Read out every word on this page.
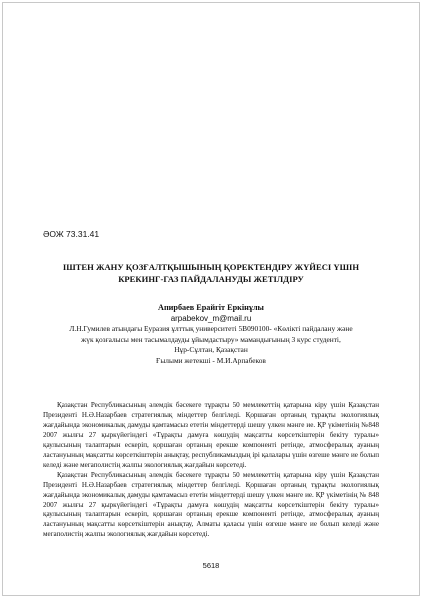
ӘОЖ 73.31.41
ІШТЕН ЖАНУ ҚОЗҒАЛТҚЫШЫНЫҢ ҚОРЕКТЕНДІРУ ЖҮЙЕСІ ҮШІН
КРЕКИНГ-ГАЗ ПАЙДАЛАНУДЫ ЖЕТІЛДІРУ
Апирбаев Ерайгіт Еркінұлы
arpabekov_m@mail.ru
Л.Н.Гумилев атындағы Еуразия ұлттық университеті 5В090100- «Көлікті пайдалану және
жүк қозғалысы мен тасымалдауды ұйымдастыру» мамандығының 3 курс студенті,
Нұр-Сұлтан, Қазақстан
Ғылыми жетекші - М.И.Арпабеков

Қазақстан Республикасының әлемдік бәсекеге тұрақты 50 мемлекеттің қатарына кіру үшін Қазақстан Президенті Н.Ә.Назарбаев стратегиялық міндеттер белгіледі. Қоршаған ортаның тұрақты экологиялық жағдайында экономикалық дамуды қамтамасыз ететін міндеттерді шешу үлкен мәнге ие. ҚР үкіметінің №848 2007 жылғы 27 қыркүйегіндегі «Тұрақты дамуға көшудің мақсатты көрсеткіштерін бекіту туралы» қаулысының талаптарын ескеріп, қоршаған ортаның ерекше компоненті ретінде, атмосфералық ауаның ластануының мақсатты көрсеткіштерін анықтау, республикамыздың ірі қалалары үшін өзгеше мәнге ие болып келеді және мегаполистің жалпы экологиялық жағдайын көрсетеді.

Қазақстан Республикасының әлемдік бәсекеге тұрақты 50 мемлекеттің қатарына кіру үшін Қазақстан Президенті Н.Ә.Назарбаев стратегиялық міндеттер белгіледі. Қоршаған ортаның тұрақты экологиялық жағдайында экономикалық дамуды қамтамасыз ететін міндеттерді шешу үлкен мәнге ие. ҚР үкіметінің № 848 2007 жылғы 27 қыркүйегіндегі «Тұрақты дамуға көшудің мақсатты көрсеткіштерін бекіту туралы» қаулысының талаптарын ескеріп, қоршаған ортаның ерекше компоненті ретінде, атмосфералық ауаның ластануының мақсатты көрсеткіштерін анықтау, Алматы қаласы үшін өзгеше мәнге ие болып келеді және мегаполистің жалпы экологиялық жағдайын көрсетеді.

5618
